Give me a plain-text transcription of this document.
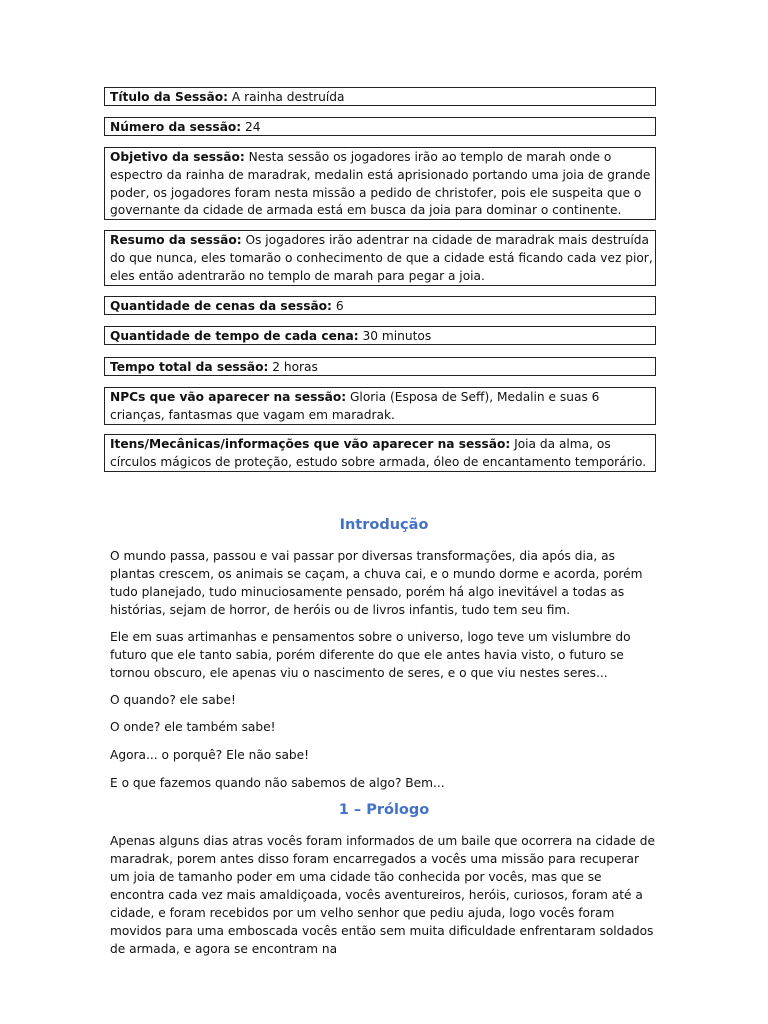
Título da Sessão: A rainha destruída
Número da sessão: 24
Objetivo da sessão: Nesta sessão os jogadores irão ao templo de marah onde o espectro da rainha de maradrak, medalin está aprisionado portando uma joia de grande poder, os jogadores foram nesta missão a pedido de christofer, pois ele suspeita que o governante da cidade de armada está em busca da joia para dominar o continente.
Resumo da sessão: Os jogadores irão adentrar na cidade de maradrak mais destruída do que nunca, eles tomarão o conhecimento de que a cidade está ficando cada vez pior, eles então adentrarão no templo de marah para pegar a joia.
Quantidade de cenas da sessão: 6
Quantidade de tempo de cada cena: 30 minutos
Tempo total da sessão: 2 horas
NPCs que vão aparecer na sessão: Gloria (Esposa de Seff), Medalin e suas 6 crianças, fantasmas que vagam em maradrak.
Itens/Mecânicas/informações que vão aparecer na sessão: Joia da alma, os círculos mágicos de proteção, estudo sobre armada, óleo de encantamento temporário.
Introdução

O mundo passa, passou e vai passar por diversas transformações, dia após dia, as plantas crescem, os animais se caçam, a chuva cai, e o mundo dorme e acorda, porém tudo planejado, tudo minuciosamente pensado, porém há algo inevitável a todas as histórias, sejam de horror, de heróis ou de livros infantis, tudo tem seu fim.

Ele em suas artimanhas e pensamentos sobre o universo, logo teve um vislumbre do futuro que ele tanto sabia, porém diferente do que ele antes havia visto, o futuro se tornou obscuro, ele apenas viu o nascimento de seres, e o que viu nestes seres...

O quando? ele sabe!

O onde? ele também sabe!

Agora... o porquê? Ele não sabe!

E o que fazemos quando não sabemos de algo? Bem...

1 – Prólogo

Apenas alguns dias atras vocês foram informados de um baile que ocorrera na cidade de maradrak, porem antes disso foram encarregados a vocês uma missão para recuperar um joia de tamanho poder em uma cidade tão conhecida por vocês, mas que se encontra cada vez mais amaldiçoada, vocês aventureiros, heróis, curiosos, foram até a cidade, e foram recebidos por um velho senhor que pediu ajuda, logo vocês foram movidos para uma emboscada vocês então sem muita dificuldade enfrentaram soldados de armada, e agora se encontram na
